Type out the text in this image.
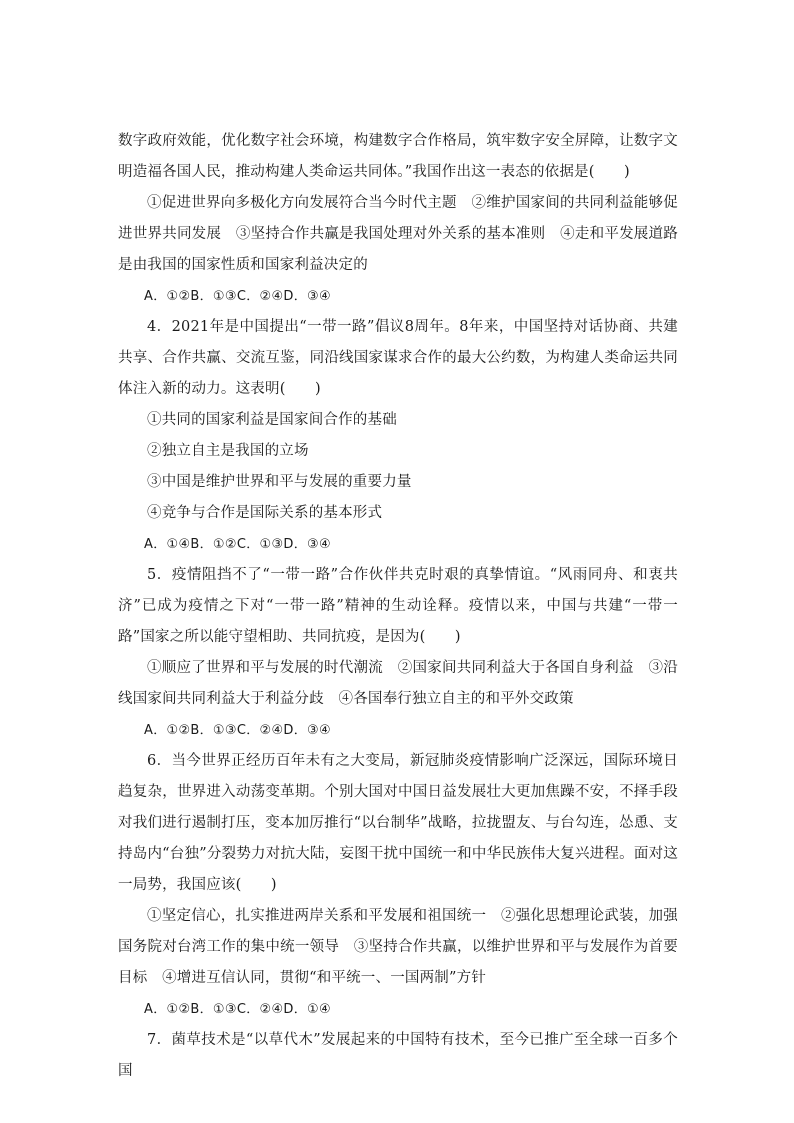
数字政府效能，优化数字社会环境，构建数字合作格局，筑牢数字安全屏障，让数字文明造福各国人民，推动构建人类命运共同体。”我国作出这一表态的依据是(　　)

①促进世界向多极化方向发展符合当今时代主题　②维护国家间的共同利益能够促进世界共同发展　③坚持合作共赢是我国处理对外关系的基本准则　④走和平发展道路是由我国的国家性质和国家利益决定的

A．①②B．①③C．②④D．③④

4．2021年是中国提出“一带一路”倡议8周年。8年来，中国坚持对话协商、共建共享、合作共赢、交流互鉴，同沿线国家谋求合作的最大公约数，为构建人类命运共同体注入新的动力。这表明(　　)

①共同的国家利益是国家间合作的基础

②独立自主是我国的立场

③中国是维护世界和平与发展的重要力量

④竞争与合作是国际关系的基本形式

A．①④B．①②C．①③D．③④

5．疫情阻挡不了“一带一路”合作伙伴共克时艰的真挚情谊。“风雨同舟、和衷共济”已成为疫情之下对“一带一路”精神的生动诠释。疫情以来，中国与共建“一带一路”国家之所以能守望相助、共同抗疫，是因为(　　)

①顺应了世界和平与发展的时代潮流　②国家间共同利益大于各国自身利益　③沿线国家间共同利益大于利益分歧　④各国奉行独立自主的和平外交政策

A．①②B．①③C．②④D．③④

6．当今世界正经历百年未有之大变局，新冠肺炎疫情影响广泛深远，国际环境日趋复杂，世界进入动荡变革期。个别大国对中国日益发展壮大更加焦躁不安，不择手段对我们进行遏制打压，变本加厉推行“以台制华”战略，拉拢盟友、与台勾连，怂恿、支持岛内“台独”分裂势力对抗大陆，妄图干扰中国统一和中华民族伟大复兴进程。面对这一局势，我国应该(　　)

①坚定信心，扎实推进两岸关系和平发展和祖国统一　②强化思想理论武装，加强国务院对台湾工作的集中统一领导　③坚持合作共赢，以维护世界和平与发展作为首要目标　④增进互信认同，贯彻“和平统一、一国两制”方针

A．①②B．①③C．②④D．①④

7．菌草技术是“以草代木”发展起来的中国特有技术，至今已推广至全球一百多个国
